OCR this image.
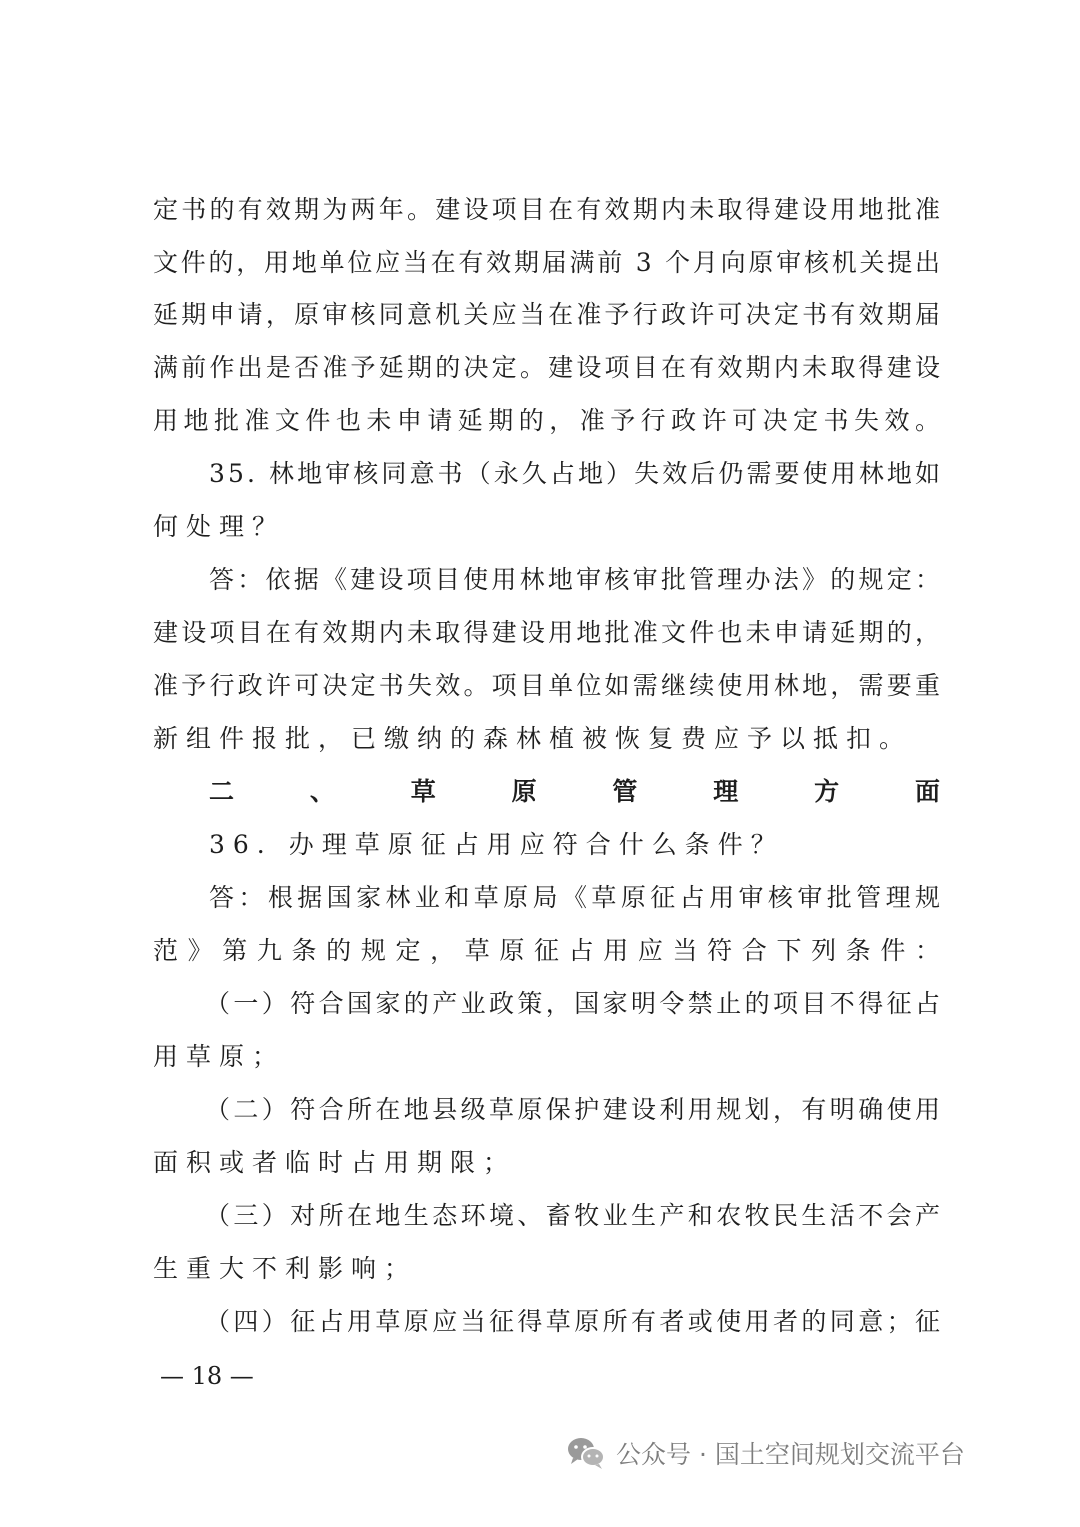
定书的有效期为两年。建设项目在有效期内未取得建设用地批准
文件的，用地单位应当在有效期届满前 3 个月向原审核机关提出
延期申请，原审核同意机关应当在准予行政许可决定书有效期届
满前作出是否准予延期的决定。建设项目在有效期内未取得建设
用地批准文件也未申请延期的，准予行政许可决定书失效。
35. 林地审核同意书（永久占地）失效后仍需要使用林地如
何处理？
答：依据《建设项目使用林地审核审批管理办法》的规定：
建设项目在有效期内未取得建设用地批准文件也未申请延期的，
准予行政许可决定书失效。项目单位如需继续使用林地，需要重
新组件报批，已缴纳的森林植被恢复费应予以抵扣。
二、草原管理方面
36. 办理草原征占用应符合什么条件？
答：根据国家林业和草原局《草原征占用审核审批管理规
范》第九条的规定，草原征占用应当符合下列条件：
（一）符合国家的产业政策，国家明令禁止的项目不得征占
用草原；
（二）符合所在地县级草原保护建设利用规划，有明确使用
面积或者临时占用期限；
（三）对所在地生态环境、畜牧业生产和农牧民生活不会产
生重大不利影响；
（四）征占用草原应当征得草原所有者或使用者的同意；征
— 18 —
公众号 · 国土空间规划交流平台
